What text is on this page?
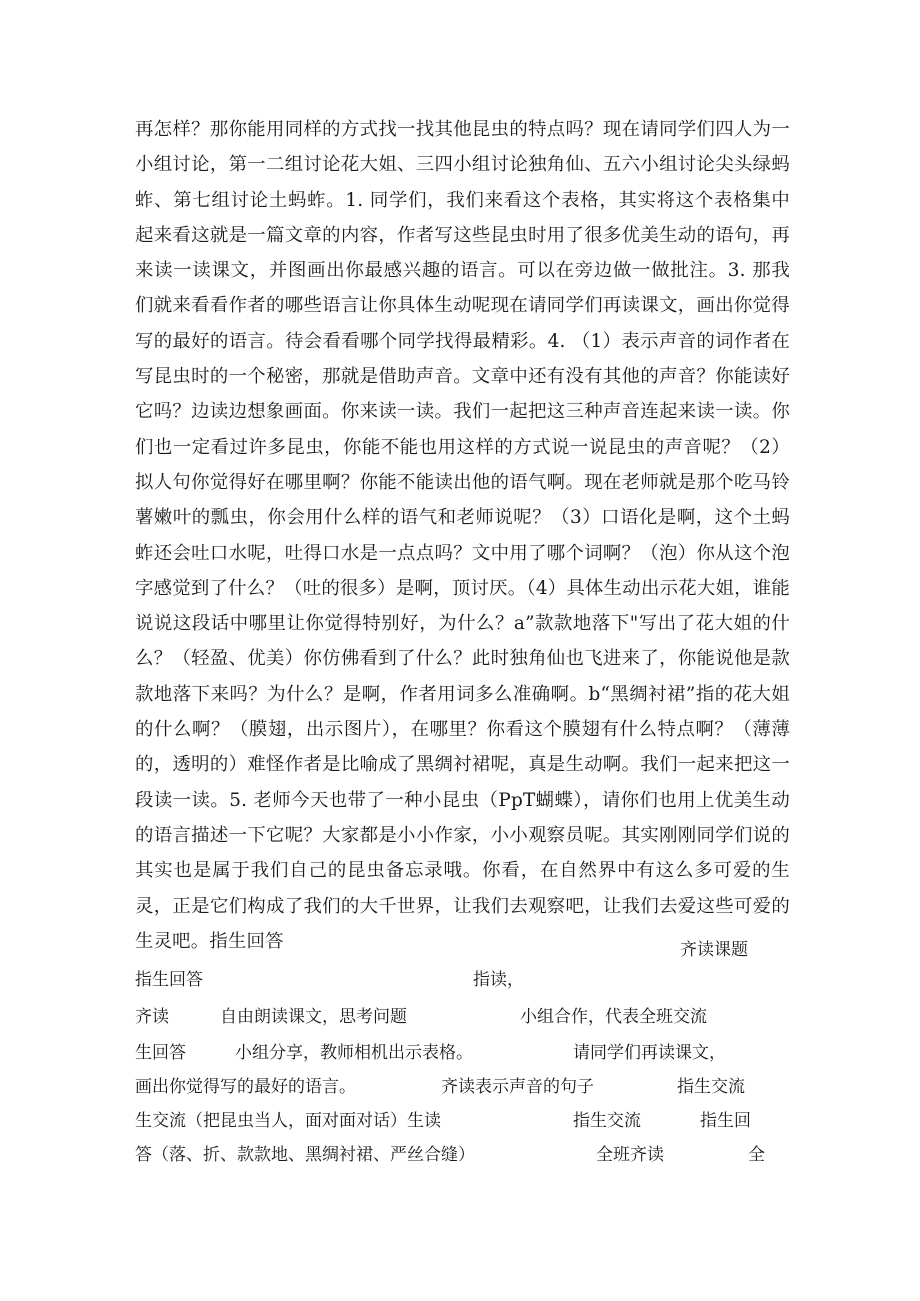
再怎样？那你能用同样的方式找一找其他昆虫的特点吗？现在请同学们四人为一小组讨论，第一二组讨论花大姐、三四小组讨论独角仙、五六小组讨论尖头绿蚂蚱、第七组讨论土蚂蚱。1. 同学们，我们来看这个表格，其实将这个表格集中起来看这就是一篇文章的内容，作者写这些昆虫时用了很多优美生动的语句，再来读一读课文，并图画出你最感兴趣的语言。可以在旁边做一做批注。3. 那我们就来看看作者的哪些语言让你具体生动呢现在请同学们再读课文，画出你觉得写的最好的语言。待会看看哪个同学找得最精彩。4. （1）表示声音的词作者在写昆虫时的一个秘密，那就是借助声音。文章中还有没有其他的声音？你能读好它吗？边读边想象画面。你来读一读。我们一起把这三种声音连起来读一读。你们也一定看过许多昆虫，你能不能也用这样的方式说一说昆虫的声音呢？（2）拟人句你觉得好在哪里啊？你能不能读出他的语气啊。现在老师就是那个吃马铃薯嫩叶的瓢虫，你会用什么样的语气和老师说呢？（3）口语化是啊，这个土蚂蚱还会吐口水呢，吐得口水是一点点吗？文中用了哪个词啊？（泡）你从这个泡字感觉到了什么？（吐的很多）是啊，顶讨厌。（4）具体生动出示花大姐，谁能说说这段话中哪里让你觉得特别好，为什么？a”款款地落下"写出了花大姐的什么？（轻盈、优美）你仿佛看到了什么？此时独角仙也飞进来了，你能说他是款款地落下来吗？为什么？是啊，作者用词多么准确啊。b“黑绸衬裙”指的花大姐的什么啊？（膜翅，出示图片），在哪里？你看这个膜翅有什么特点啊？（薄薄的，透明的）难怪作者是比喻成了黑绸衬裙呢，真是生动啊。我们一起来把这一段读一读。5. 老师今天也带了一种小昆虫（PpT蝴蝶），请你们也用上优美生动的语言描述一下它呢？大家都是小小作家，小小观察员呢。其实刚刚同学们说的其实也是属于我们自己的昆虫备忘录哦。你看，在自然界中有这么多可爱的生灵，正是它们构成了我们的大千世界，让我们去观察吧，让我们去爱这些可爱的生灵吧。指生回答	齐读课题
指生回答	指读，
齐读	自由朗读课文，思考问题	小组合作，代表全班交流
生回答	小组分享，教师相机出示表格。	请同学们再读课文，
画出你觉得写的最好的语言。	齐读表示声音的句子	指生交流
生交流（把昆虫当人，面对面对话）生读	指生交流	指生回
答（落、折、款款地、黑绸衬裙、严丝合缝）	全班齐读	全
